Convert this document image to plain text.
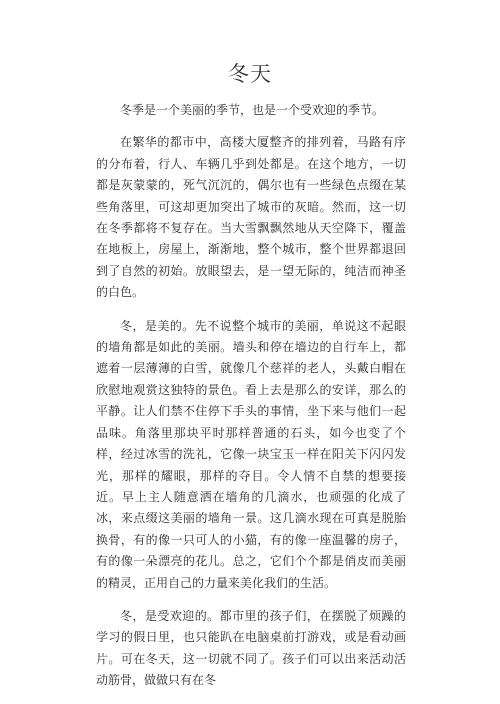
冬天

冬季是一个美丽的季节，也是一个受欢迎的季节。

在繁华的都市中，高楼大厦整齐的排列着，马路有序的分布着，行人、车辆几乎到处都是。在这个地方，一切都是灰蒙蒙的，死气沉沉的，偶尔也有一些绿色点缀在某些角落里，可这却更加突出了城市的灰暗。然而，这一切在冬季都将不复存在。当大雪飘飘然地从天空降下，覆盖在地板上，房屋上，渐渐地，整个城市，整个世界都退回到了自然的初始。放眼望去，是一望无际的，纯洁而神圣的白色。

冬，是美的。先不说整个城市的美丽，单说这不起眼的墙角都是如此的美丽。墙头和停在墙边的自行车上，都遮着一层薄薄的白雪，就像几个慈祥的老人，头戴白帽在欣慰地观赏这独特的景色。看上去是那么的安详，那么的平静。让人们禁不住停下手头的事情，坐下来与他们一起品味。角落里那块平时那样普通的石头，如今也变了个样，经过冰雪的洗礼，它像一块宝玉一样在阳关下闪闪发光，那样的耀眼，那样的夺目。令人情不自禁的想要接近。早上主人随意洒在墙角的几滴水，也顽强的化成了冰，来点缀这美丽的墙角一景。这几滴水现在可真是脱胎换骨，有的像一只可人的小猫，有的像一座温馨的房子，有的像一朵漂亮的花儿。总之，它们个个都是俏皮而美丽的精灵，正用自己的力量来美化我们的生活。

冬，是受欢迎的。都市里的孩子们，在摆脱了烦躁的学习的假日里，也只能趴在电脑桌前打游戏，或是看动画片。可在冬天，这一切就不同了。孩子们可以出来活动活动筋骨，做做只有在冬
